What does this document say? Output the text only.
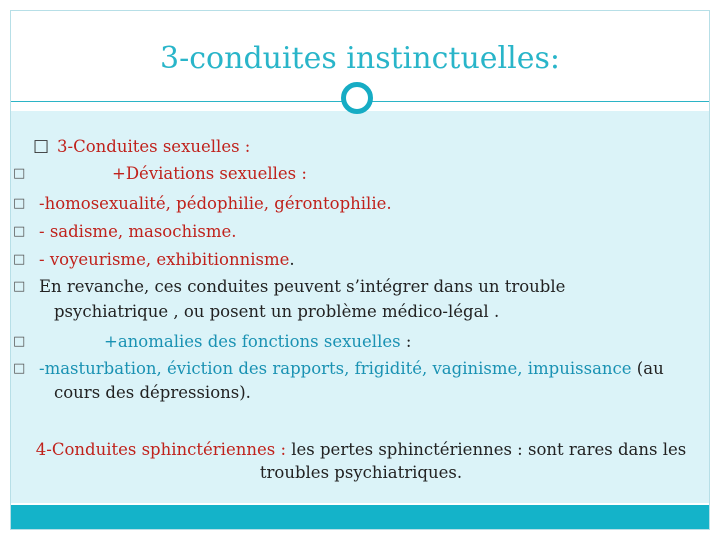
3-conduites instinctuelles:
□ 3-Conduites sexuelles :
□	+Déviations sexuelles :
□ -homosexualité, pédophilie, gérontophilie.
□ - sadisme, masochisme.
□ - voyeurisme, exhibitionnisme.
□ En revanche, ces conduites peuvent s’intégrer dans un trouble
psychiatrique , ou posent un problème médico-légal .
□	+anomalies des fonctions sexuelles :
□ -masturbation, éviction des rapports, frigidité, vaginisme, impuissance (au
cours des dépressions).
4-Conduites sphinctériennes : les pertes sphinctériennes : sont rares dans les
troubles psychiatriques.
